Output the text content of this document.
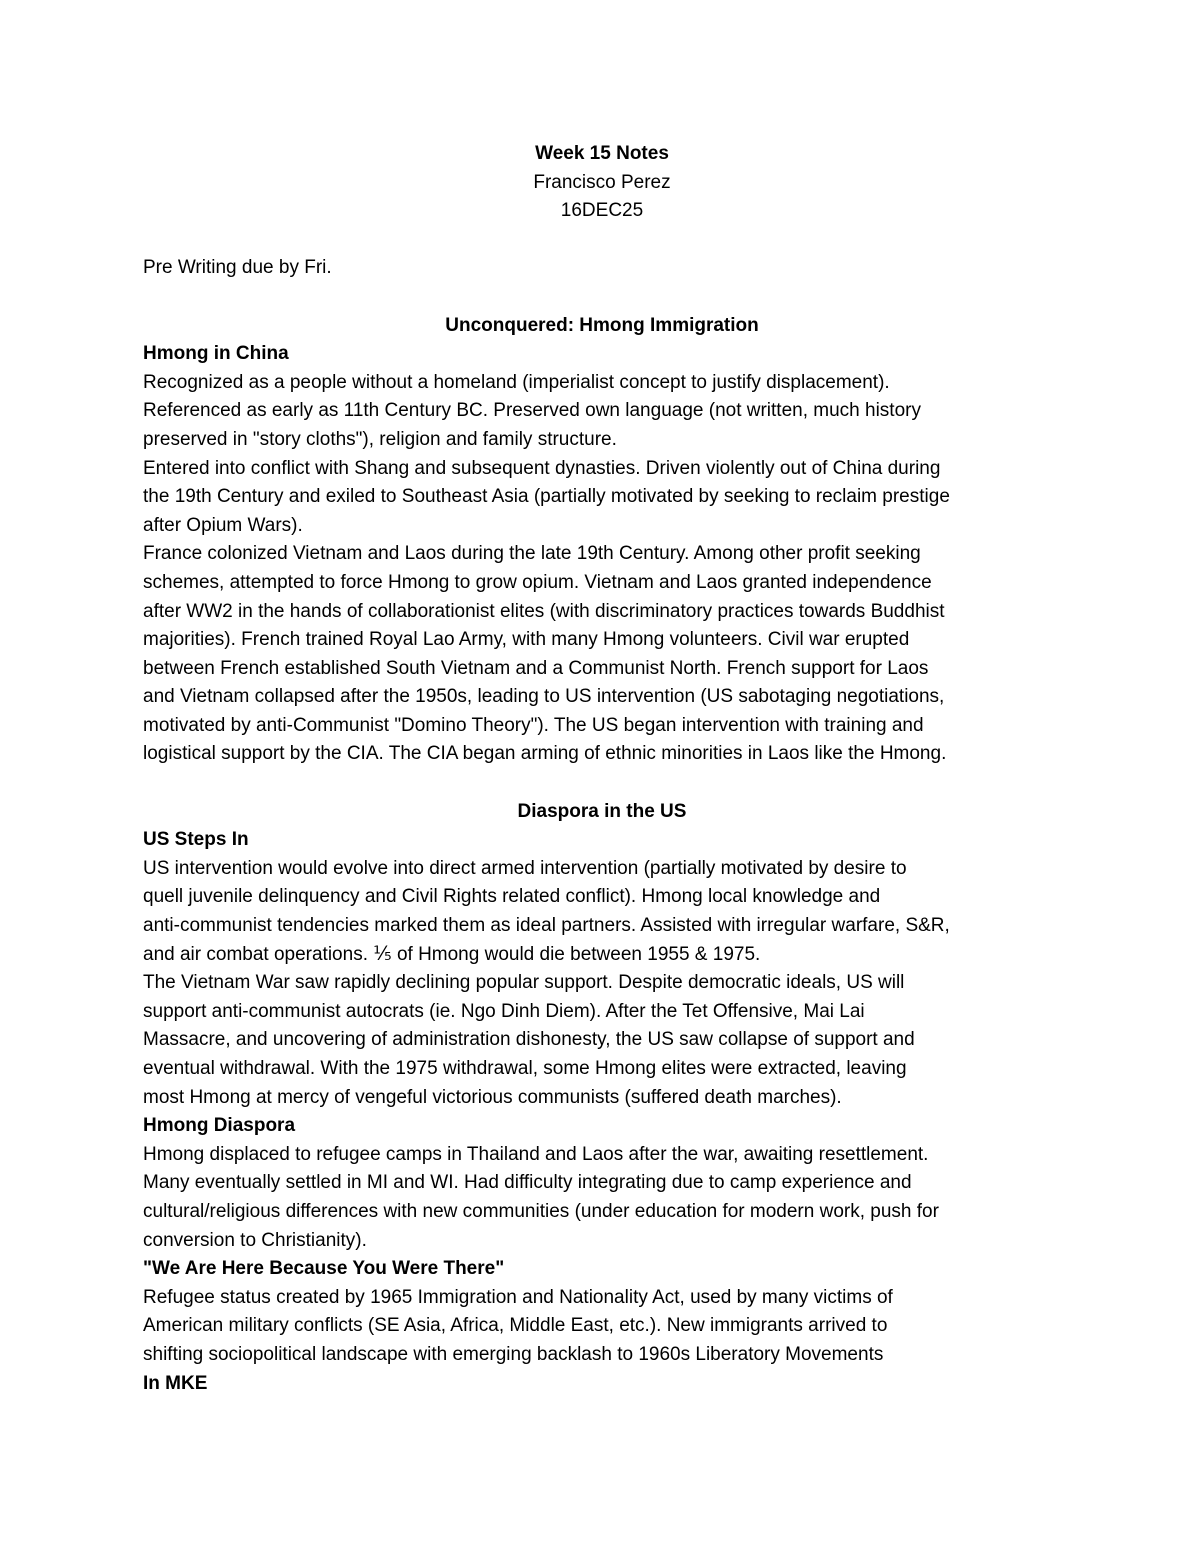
Week 15 Notes
Francisco Perez
16DEC25
Pre Writing due by Fri.
Unconquered: Hmong Immigration
Hmong in China
Recognized as a people without a homeland (imperialist concept to justify displacement).
Referenced as early as 11th Century BC. Preserved own language (not written, much history
preserved in "story cloths"), religion and family structure.
Entered into conflict with Shang and subsequent dynasties. Driven violently out of China during
the 19th Century and exiled to Southeast Asia (partially motivated by seeking to reclaim prestige
after Opium Wars).
France colonized Vietnam and Laos during the late 19th Century. Among other profit seeking
schemes, attempted to force Hmong to grow opium. Vietnam and Laos granted independence
after WW2 in the hands of collaborationist elites (with discriminatory practices towards Buddhist
majorities). French trained Royal Lao Army, with many Hmong volunteers. Civil war erupted
between French established South Vietnam and a Communist North. French support for Laos
and Vietnam collapsed after the 1950s, leading to US intervention (US sabotaging negotiations,
motivated by anti-Communist "Domino Theory"). The US began intervention with training and
logistical support by the CIA. The CIA began arming of ethnic minorities in Laos like the Hmong.
Diaspora in the US
US Steps In
US intervention would evolve into direct armed intervention (partially motivated by desire to
quell juvenile delinquency and Civil Rights related conflict). Hmong local knowledge and
anti-communist tendencies marked them as ideal partners. Assisted with irregular warfare, S&R,
and air combat operations. ⅕ of Hmong would die between 1955 & 1975.
The Vietnam War saw rapidly declining popular support. Despite democratic ideals, US will
support anti-communist autocrats (ie. Ngo Dinh Diem). After the Tet Offensive, Mai Lai
Massacre, and uncovering of administration dishonesty, the US saw collapse of support and
eventual withdrawal. With the 1975 withdrawal, some Hmong elites were extracted, leaving
most Hmong at mercy of vengeful victorious communists (suffered death marches).
Hmong Diaspora
Hmong displaced to refugee camps in Thailand and Laos after the war, awaiting resettlement.
Many eventually settled in MI and WI. Had difficulty integrating due to camp experience and
cultural/religious differences with new communities (under education for modern work, push for
conversion to Christianity).
"We Are Here Because You Were There"
Refugee status created by 1965 Immigration and Nationality Act, used by many victims of
American military conflicts (SE Asia, Africa, Middle East, etc.). New immigrants arrived to
shifting sociopolitical landscape with emerging backlash to 1960s Liberatory Movements
In MKE
